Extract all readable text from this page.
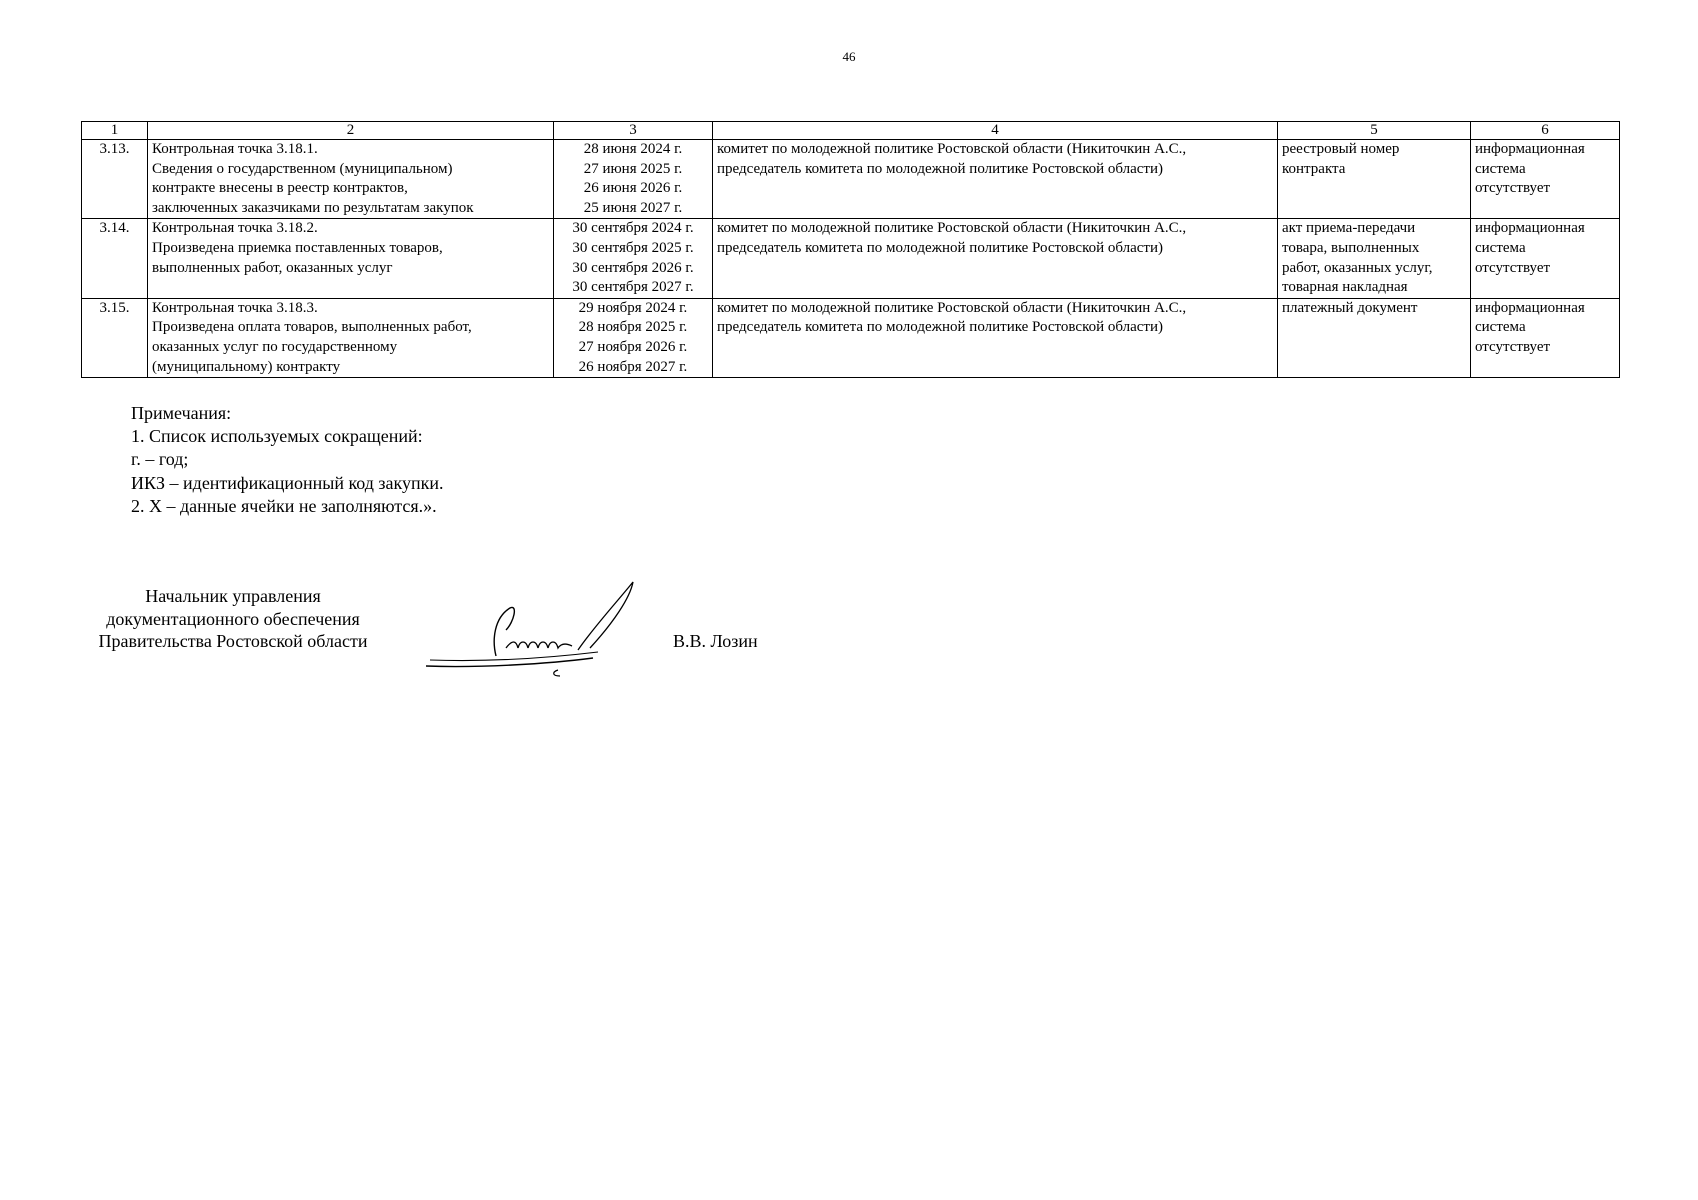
46
1	2	3	4	5	6
3.13.	Контрольная точка 3.18.1.
Сведения о государственном (муниципальном)
контракте внесены в реестр контрактов,
заключенных заказчиками по результатам закупок	28 июня 2024 г.
27 июня 2025 г.
26 июня 2026 г.
25 июня 2027 г.	комитет по молодежной политике Ростовской области (Никиточкин А.С.,
председатель комитета по молодежной политике Ростовской области)	реестровый номер
контракта	информационная
система
отсутствует

3.14.	Контрольная точка 3.18.2.
Произведена приемка поставленных товаров,
выполненных работ, оказанных услуг	30 сентября 2024 г.
30 сентября 2025 г.
30 сентября 2026 г.
30 сентября 2027 г.	комитет по молодежной политике Ростовской области (Никиточкин А.С.,
председатель комитета по молодежной политике Ростовской области)	акт приема-передачи
товара, выполненных
работ, оказанных услуг,
товарная накладная	информационная
система
отсутствует

3.15.	Контрольная точка 3.18.3.
Произведена оплата товаров, выполненных работ,
оказанных услуг по государственному
(муниципальному) контракту	29 ноября 2024 г.
28 ноября 2025 г.
27 ноября 2026 г.
26 ноября 2027 г.	комитет по молодежной политике Ростовской области (Никиточкин А.С.,
председатель комитета по молодежной политике Ростовской области)	платежный документ	информационная
система
отсутствует
Примечания:
1. Список используемых сокращений:
г. – год;
ИКЗ – идентификационный код закупки.
2. Х – данные ячейки не заполняются.».
Начальник управления
документационного обеспечения
Правительства Ростовской области	В.В. Лозин
